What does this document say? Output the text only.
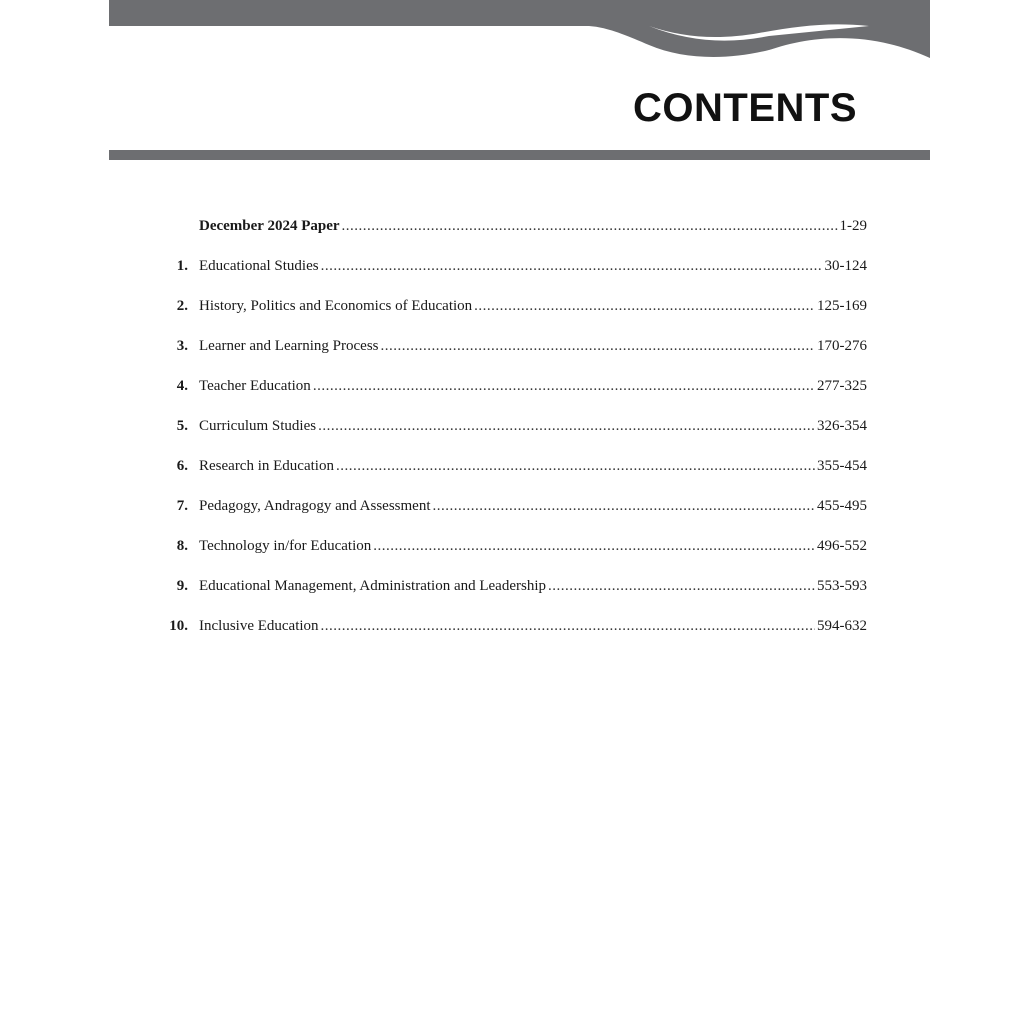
CONTENTS
December 2024 Paper .....	1-29
1. Educational Studies .....	30-124
2. History, Politics and Economics of Education .....	125-169
3. Learner and Learning Process .....	170-276
4. Teacher Education .....	277-325
5. Curriculum Studies .....	326-354
6. Research in Education .....	355-454
7. Pedagogy, Andragogy and Assessment .....	455-495
8. Technology in/for Education .....	496-552
9. Educational Management, Administration and Leadership .....	553-593
10. Inclusive Education .....	594-632
